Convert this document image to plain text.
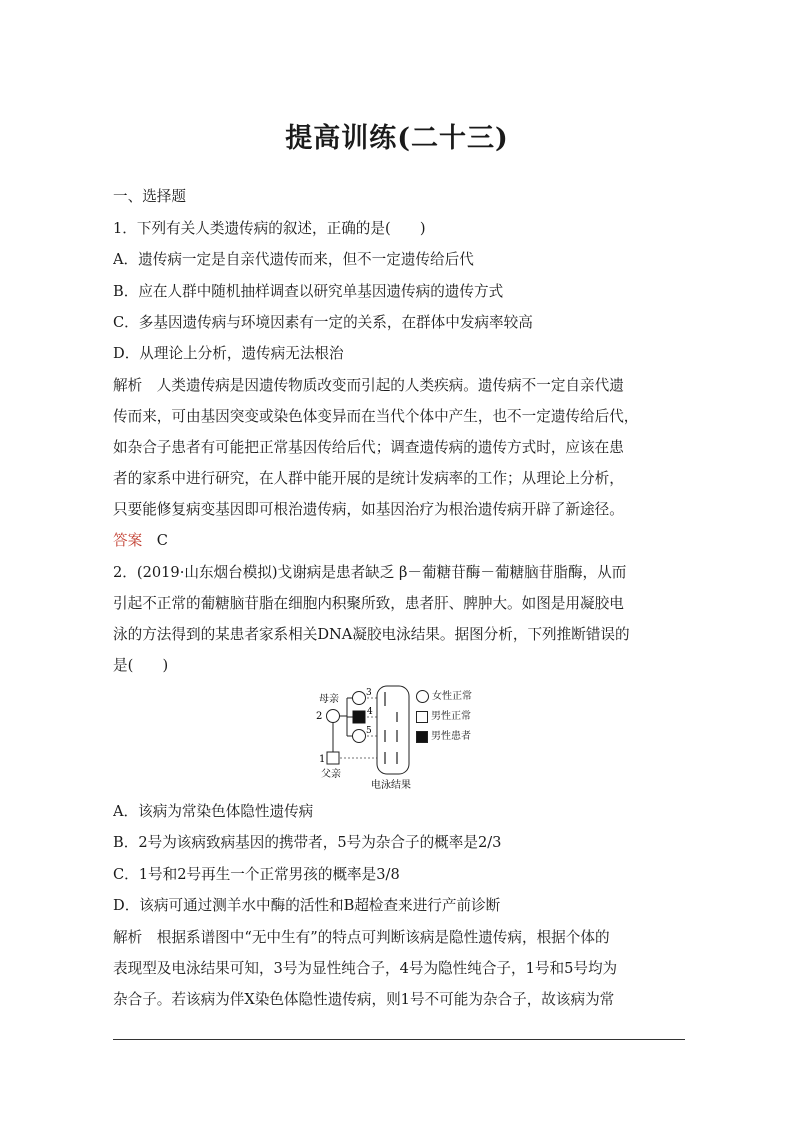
提高训练(二十三)
一、选择题
1．下列有关人类遗传病的叙述，正确的是(　　)
A．遗传病一定是自亲代遗传而来，但不一定遗传给后代
B．应在人群中随机抽样调查以研究单基因遗传病的遗传方式
C．多基因遗传病与环境因素有一定的关系，在群体中发病率较高
D．从理论上分析，遗传病无法根治
解析  人类遗传病是因遗传物质改变而引起的人类疾病。遗传病不一定自亲代遗
传而来，可由基因突变或染色体变异而在当代个体中产生，也不一定遗传给后代，
如杂合子患者有可能把正常基因传给后代；调查遗传病的遗传方式时，应该在患
者的家系中进行研究，在人群中能开展的是统计发病率的工作；从理论上分析，
只要能修复病变基因即可根治遗传病，如基因治疗为根治遗传病开辟了新途径。
答案  C
2．(2019·山东烟台模拟)戈谢病是患者缺乏 β－葡糖苷酶－葡糖脑苷脂酶，从而
引起不正常的葡糖脑苷脂在细胞内积聚所致，患者肝、脾肿大。如图是用凝胶电
泳的方法得到的某患者家系相关DNA凝胶电泳结果。据图分析，下列推断错误的
是(　　)
母亲
2
3
4
5
1
父亲
电泳结果
女性正常
男性正常
男性患者
A．该病为常染色体隐性遗传病
B．2号为该病致病基因的携带者，5号为杂合子的概率是2/3
C．1号和2号再生一个正常男孩的概率是3/8
D．该病可通过测羊水中酶的活性和B超检查来进行产前诊断
解析  根据系谱图中“无中生有”的特点可判断该病是隐性遗传病，根据个体的
表现型及电泳结果可知，3号为显性纯合子，4号为隐性纯合子，1号和5号均为
杂合子。若该病为伴X染色体隐性遗传病，则1号不可能为杂合子，故该病为常
